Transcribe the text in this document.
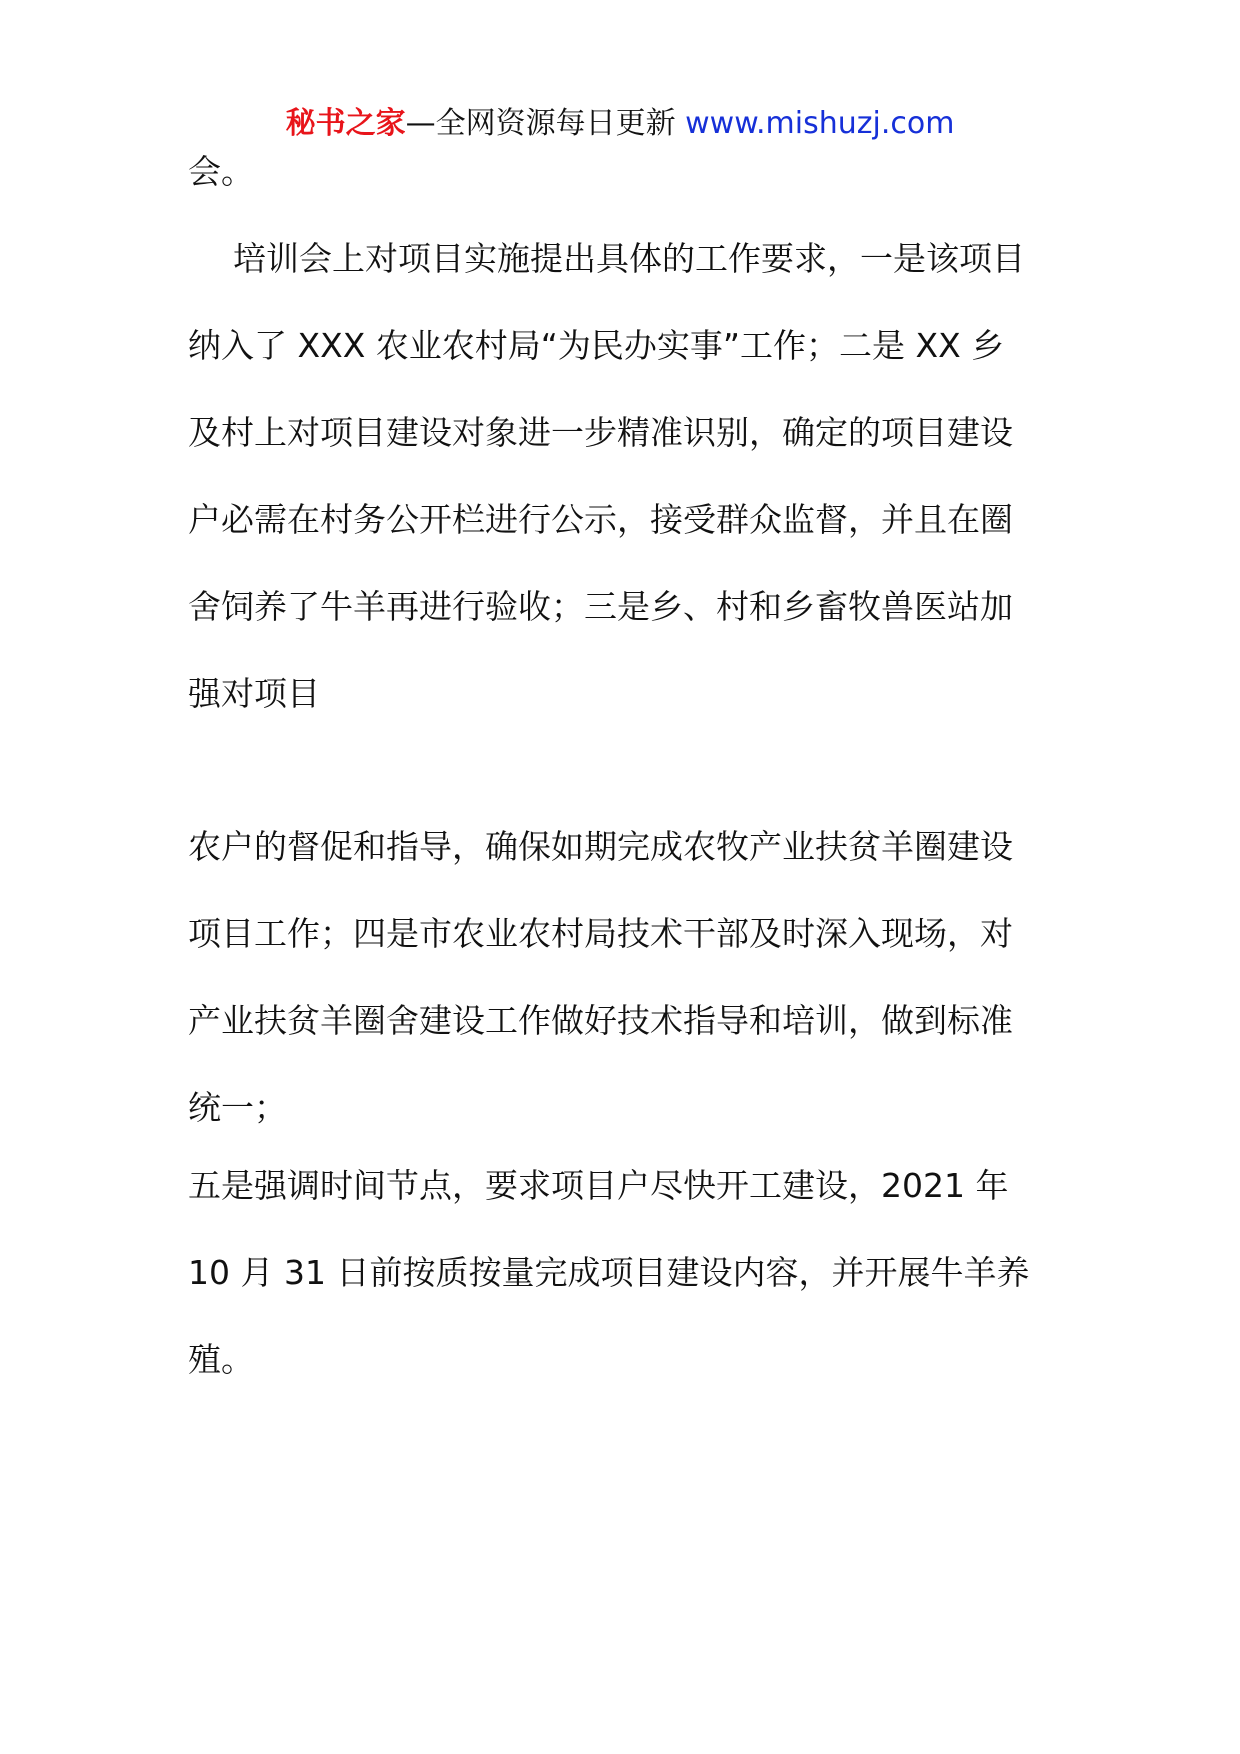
秘书之家—全网资源每日更新 www.mishuzj.com
会。
培训会上对项目实施提出具体的工作要求，一是该项目
纳入了 XXX 农业农村局“为民办实事”工作；二是 XX 乡
及村上对项目建设对象进一步精准识别，确定的项目建设
户必需在村务公开栏进行公示，接受群众监督，并且在圈
舍饲养了牛羊再进行验收；三是乡、村和乡畜牧兽医站加
强对项目
农户的督促和指导，确保如期完成农牧产业扶贫羊圈建设
项目工作；四是市农业农村局技术干部及时深入现场，对
产业扶贫羊圈舍建设工作做好技术指导和培训，做到标准
统一；
五是强调时间节点，要求项目户尽快开工建设，2021 年
10 月 31 日前按质按量完成项目建设内容，并开展牛羊养
殖。
